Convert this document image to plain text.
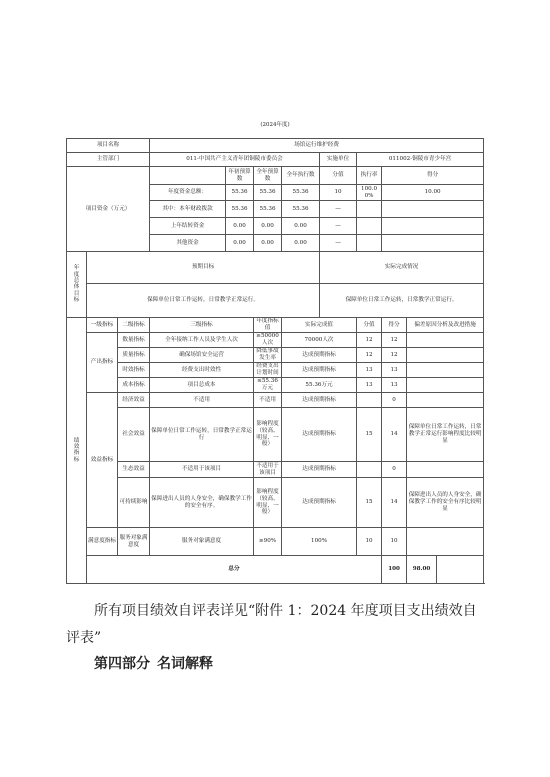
(2024年度)
项目名称			场馆运行维护经费								
主管部门			011-中国共产主义青年团铜陵市委员会				实施单位	011002-铜陵市青少年宫			
项目资金（万元）				年初预算数	全年预算数	全年执行数	分值	执行率	得分		
			年度资金总额：	55.36	55.36	55.36	10	100.00%	10.00		
			其中：本年财政拨款	55.36	55.36	55.36	—				
			上年结转资金	0.00	0.00	0.00	—				
			其他资金	0.00	0.00	0.00	—				
年度总体目标	预期目标						实际完成情况				
	保障单位日常工作运转，日常教学正常运行。						保障单位日常工作运转，日常教学正常运行。				
绩效指标	一级指标	二级指标	三级指标		年度指标值	实际完成值		分值	得分	偏差原因分析及改进措施	
	产出指标	数量指标	全年接纳工作人员及学生人次		≥50000人次	70000人次		12	12		
		质量指标	确保场馆安全运营		降低事故发生率	达成预期指标		12	12		
		时效指标	经费支出时效性		经费支出计划时间	达成预期指标		13	13		
		成本指标	项目总成本		≤55.36万元	55.36万元		13	13		
	效益指标	经济效益	不适用		不适用	达成预期指标			0		
		社会效益	保障单位日常工作运转，日常教学正常运行		影响程度（较高、明显、一般）	达成预期指标		15	14	保障单位日常工作运转，日常教学正常运行影响程度比较明显	
		生态效益	不适用于该项目		不适用于该项目	达成预期指标			0		
		可持续影响	保障进出人员的人身安全，确保教学工作的安全有序。		影响程度（较高、明显、一般）	达成预期指标		15	14	保障进出人员的人身安全，确保教学工作的安全有序比较明显	
	满意度指标	服务对象满意度	服务对象满意度		≥90%	100%		10	10		
	总分								100	98.00	
所有项目绩效自评表详见“附件 1：2024 年度项目支出绩效自评表”
第四部分 名词解释
